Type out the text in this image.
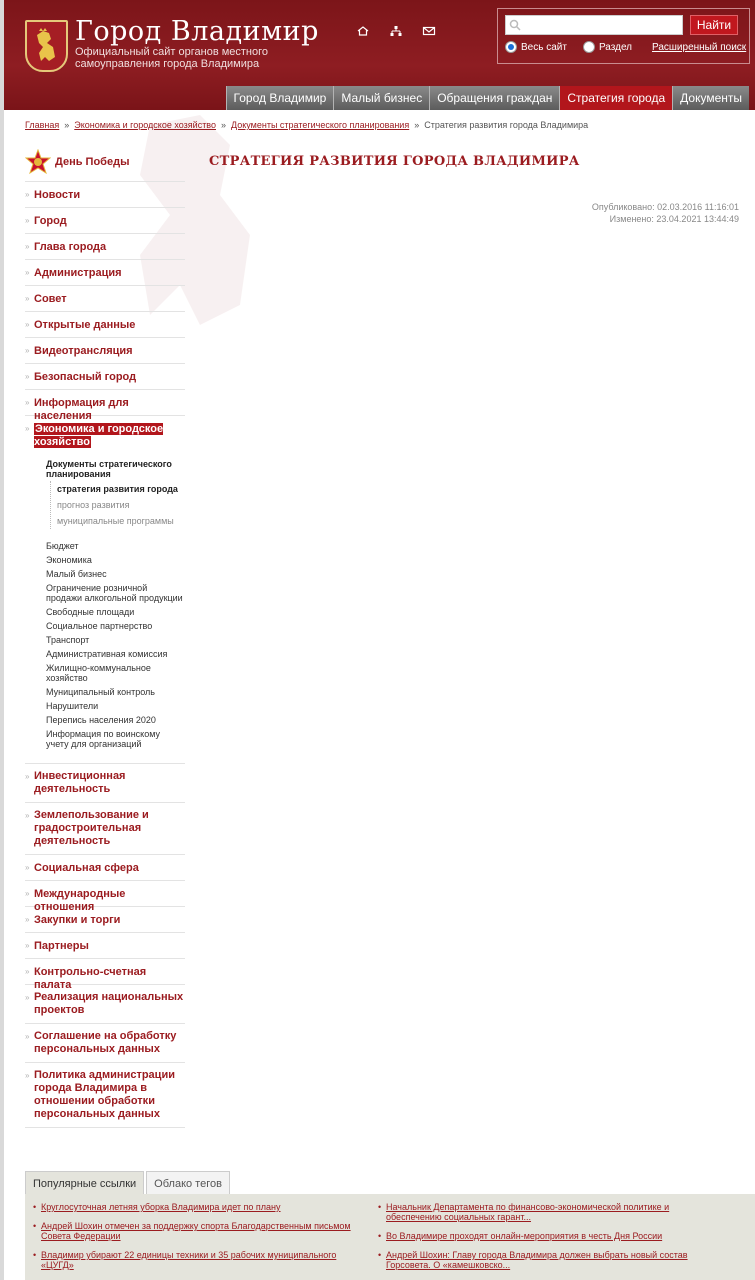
Город Владимир
Официальный сайт органов местного самоуправления города Владимира
Найти
Весь сайт	Раздел Расширенный поиск
Город Владимир	Малый бизнес	Обращения граждан	Стратегия города	Документы
Главная » Экономика и городское хозяйство » Документы стратегического планирования » Стратегия развития города Владимира
День Победы
» Новости
» Город
» Глава города
» Администрация
» Совет
» Открытые данные
» Видеотрансляция
» Безопасный город
» Информация для населения
» Экономика и городское хозяйство
Документы стратегического планирования
стратегия развития города
прогноз развития
муниципальные программы
Бюджет
Экономика
Малый бизнес
Ограничение розничной продажи алкогольной продукции
Свободные площади
Социальное партнерство
Транспорт
Административная комиссия
Жилищно-коммунальное хозяйство
Муниципальный контроль
Нарушители
Перепись населения 2020
Информация по воинскому учету для организаций
» Инвестиционная деятельность
» Землепользование и градостроительная деятельность
» Социальная сфера
» Международные отношения
» Закупки и торги
» Партнеры
» Контрольно-счетная палата
» Реализация национальных проектов
» Соглашение на обработку персональных данных
» Политика администрации города Владимира в отношении обработки персональных данных
СТРАТЕГИЯ РАЗВИТИЯ ГОРОДА ВЛАДИМИРА
Опубликовано: 02.03.2016 11:16:01
Изменено: 23.04.2021 13:44:49
Популярные ссылки	Облако тегов
• Круглосуточная летняя уборка Владимира идет по плану
• Андрей Шохин отмечен за поддержку спорта Благодарственным письмом Совета Федерации
• Владимир убирают 22 единицы техники и 35 рабочих муниципального «ЦУГД»
• Начальник Департамента по финансово-экономической политике и обеспечению социальных гарант...
• Во Владимире проходят онлайн-мероприятия в честь Дня России
• Андрей Шохин: Главу города Владимира должен выбрать новый состав Горсовета. О «камешковско...
